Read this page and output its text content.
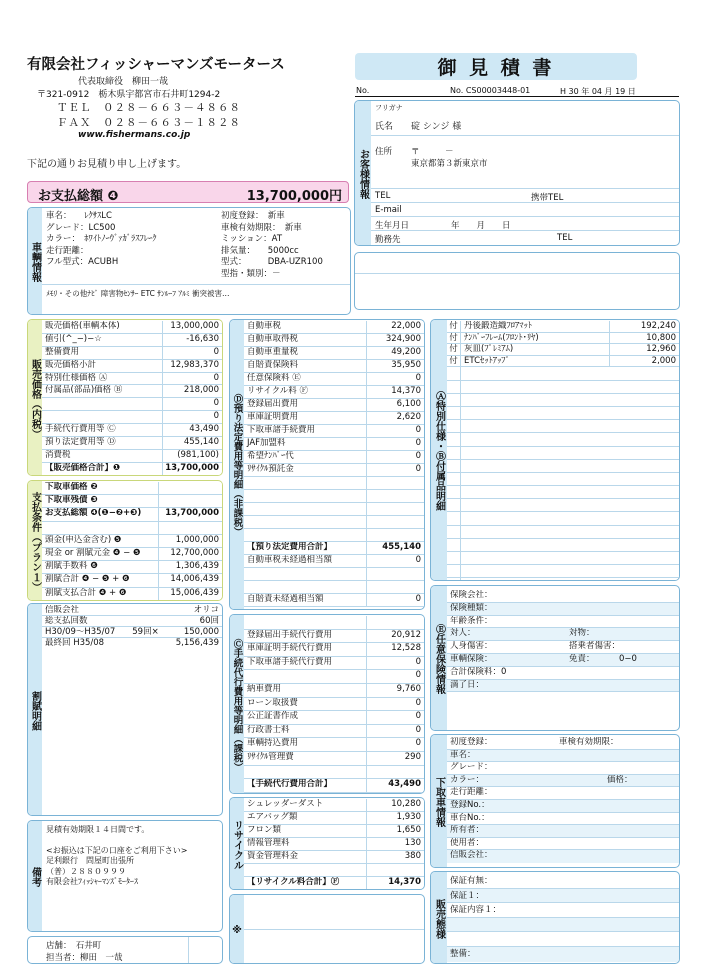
有限会社フィッシャーマンズモータース
代表取締役　柳田一哉
〒321-0912　栃木県宇都宮市石井町1294-2
ＴＥＬ　０２８－６６３－４８６８
ＦＡＸ　０２８－６６３－１８２８
www.fishermans.co.jp
下記の通りお見積り申し上げます。
御 見 積 書
No.	No. CS00003448-01	H 30 年 04 月 19 日
お支払総額 ❹	13,700,000円 お客様情報
フリガナ
氏名 碇 シンジ 様
住所 〒　　　－
東京都第３新東京市
TEL	携帯TEL
E-mail
生年月日	年　　月　　日
勤務先	TEL
車輌情報
車名：　　ﾚｸｻｽLC
グレード：LC500
カラー：　ﾎﾜｲﾄﾉｰｳﾞｧｶﾞﾗｽﾌﾚｰｸ
走行距離：
フル型式：ACUBH
初度登録：　新車
車検有効期限：　新車
ミッション：AT
排気量：　　5000cc
型式：　　　DBA-UZR100
型指・類別：－
ﾒﾓﾘ・その他ﾅﾋﾞ 障害物ｾﾝｻｰ ETC ｻﾝﾙｰﾌ ｱﾙﾐ 衝突被害…
販売価格（内税）
販売価格(車輌本体)	13,000,000
値引(^_−)−☆	-16,630
整備費用	0
販売価格小計	12,983,370
特別仕様価格 Ⓐ	0
付属品(部品)価格 Ⓑ	218,000
0
0
手続代行費用等 Ⓒ	43,490
預り法定費用等 Ⓓ	455,140
消費税	(981,100)
【販売価格合計】❶	13,700,000
支払条件（プラン１）
下取車価格 ❷
下取車残債 ❸
お支払総額 ❹(❶−❷+❸)	13,700,000
頭金(申込金含む) ❺	1,000,000
現金 or 割賦元金 ❹ − ❺	12,700,000
割賦手数料 ❻	1,306,439
割賦合計 ❹ − ❺ + ❻	14,006,439
割賦支払合計 ❹ + ❻	15,006,439
割賦明細
信販会社	オリコ
総支払回数	60回
H30/09〜H35/07　　59回×	150,000
最終回 H35/08	5,156,439
備考
見積有効期限１４日間です。
<お振込は下記の口座をご利用下さい>
足利銀行　問屋町出張所
（普）２８８０９９９
有限会社ﾌｨｯｼｬｰﾏﾝｽﾞﾓｰﾀｰｽ
店舗：　石井町
担当者：柳田　一哉
Ⓓ預り法定費用等明細（非課税）
自動車税	22,000
自動車取得税	324,900
自動車重量税	49,200
自賠責保険料	35,950
任意保険料 Ⓔ	0
リサイクル料 Ⓕ	14,370
登録届出費用	6,100
車庫証明費用	2,620
下取車諸手続費用	0
JAF加盟料	0
希望ﾅﾝﾊﾞｰ代	0
ﾘｻｲｸﾙ預託金	0
【預り法定費用合計】	455,140
自動車税未経過相当額	0
自賠責未経過相当額	0
Ⓒ手続代行費用等明細（課税）
登録届出手続代行費用	20,912
車庫証明手続代行費用	12,528
下取車諸手続代行費用	0
0
納車費用	9,760
ローン取扱費	0
公正証書作成	0
行政書士料	0
車輌持込費用	0
ﾘｻｲｸﾙ管理費	290
【手続代行費用合計】	43,490
リサイクル
シュレッダーダスト	10,280
エアバッグ類	1,930
フロン類	1,650
情報管理料	130
資金管理料金	380
【リサイクル料合計】Ⓕ	14,370
※
Ⓐ特別仕様・Ⓑ付属品明細
付 丹後鍛造織ﾌﾛｱﾏｯﾄ	192,240
付 ﾅﾝﾊﾞｰﾌﾚｰﾑ(ﾌﾛﾝﾄ･ﾘﾔ)	10,800
付 灰皿(ﾌﾟﾚﾐｱﾑ)	12,960
付 ETCｾｯﾄｱｯﾌﾟ	2,000
Ⓔ任意保険情報
保険会社：
保険種類：
年齢条件：
対人：	対物：
人身傷害：	搭乗者傷害：
車輌保険：	免責：	0−0
合計保険料：0
満了日：
下取車情報
初度登録：	車検有効期限：
車名：
グレード：
カラー：	価格：
走行距離：
登録No.：
車台No.：
所有者：
使用者：
信販会社：
販売態様
保証有無：
保証１：
保証内容１：
整備：
